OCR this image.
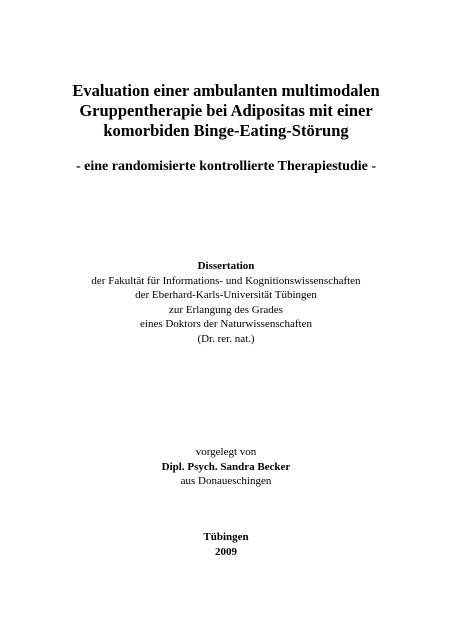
Evaluation einer ambulanten multimodalen
Gruppentherapie bei Adipositas mit einer
komorbiden Binge-Eating-Störung
- eine randomisierte kontrollierte Therapiestudie -
Dissertation
der Fakultät für Informations- und Kognitionswissenschaften
der Eberhard-Karls-Universität Tübingen
zur Erlangung des Grades
eines Doktors der Naturwissenschaften
(Dr. rer. nat.)
vorgelegt von
Dipl. Psych. Sandra Becker
aus Donaueschingen
Tübingen
2009
